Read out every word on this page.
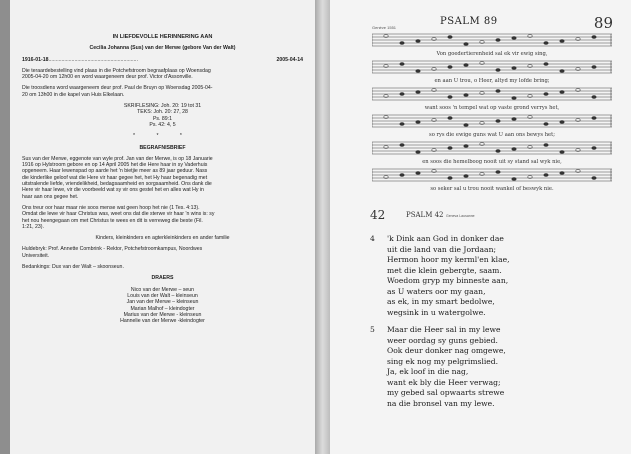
IN LIEFDEVOLLE HERINNERING AAN
Cecilia Johanna (Sus) van der Merwe (gebore Van der Walt)
1916-01-18 ..............................................................	2005-04-14
Die teraardebestelling vind plaas in die Potchefstroom begraafplaas op Woensdag
2005-04-20 om 12h00 en word waargeneem deur prof. Victor d'Assonville.
Die troosdiens word waargeneem deur prof. Paul de Bruyn op Woensdag 2005-04-
20 om 13h00 in die kapel van Huis Elkelaan.
SKRIFLESING: Joh. 20: 19 tot 31
TEKS: Joh. 20: 27, 28
Ps. 89:1
Ps. 42: 4, 5
* * *
BEGRAFNISBRIEF
Sus van der Merwe, eggenote van wyle prof. Jan van der Merwe, is op 18 Januarie
1916 op Hylstroom gebore en op 14 April 2005 het die Here haar in sy Vaderhuis
opgeneem. Haar lewenspad op aarde het 'n bietjie meer as 89 jaar geduur. Nass
die kinderlike geloof wat die Here vir haar gegee het, het Hy haar begenadig met
uitstralende liefde, vriendelikheid, bedagsaamheid en sorgsaamheid. Ons dank die
Here vir haar lewe, vir die voorbeeld wat sy vir ons gestel het en alles wat Hy in
haar aan ons gegee het.
Ons treur oor haar maar nie soos mense wat geen hoop het nie (1 Tes. 4:13).
Omdat die lewe vir haar Christus was, weet ons dat die sterwe vir haar 'n wins is: sy
het nou heengegaan om met Christus te wees en dit is verreweg die beste (Fil.
1:21, 23).
Kinders, kleinkinders en agterkleinkinders en ander familie
Huldebryk: Prof. Annette Combrink - Rektor, Potchefstroomkampus, Noordwes
Universiteit.
Bedankings: Dux van der Walt – skoonseun.
DRAERS
Nico van der Merwe – seun
Louis van der Walt – kleinseun
Jan van der Merwe – kleinseun
Marian Malhof – kleindogter
Marius van der Merwe - kleinseun
Hannelie van der Merwe -kleindogter
PSALM 89	89
Genève 1551
Von goedertierenheid sal ek vir ewig sing,
en aan U trou, o Heer, altyd my lofde bring;
want soos 'n tempel wat op vaste grond verrys het,
so rys die ewige guns wat U aan ons bewys het;
en soos die hemelboog nooit uit sy stand sal wyk nie,
so seker sal u trou nooit wankel of beswyk nie.
42	PSALM 42 Geneva Lausanne
4 'k Dink aan God in donker dae
uit die land van die Jordaan;
Hermon hoor my kerml'en klae,
met die klein gebergte, saam.
Woedom gryp my binneste aan,
as U waters oor my gaan,
as ek, in my smart bedolwe,
wegsink in u watergolwe.
5 Maar die Heer sal in my lewe
weer oordag sy guns gebied.
Ook deur donker nag omgewe,
sing ek nog my pelgrimslied.
Ja, ek loof in die nag,
want ek bly die Heer verwag;
my gebed sal opwaarts strewe
na die bronsel van my lewe.
